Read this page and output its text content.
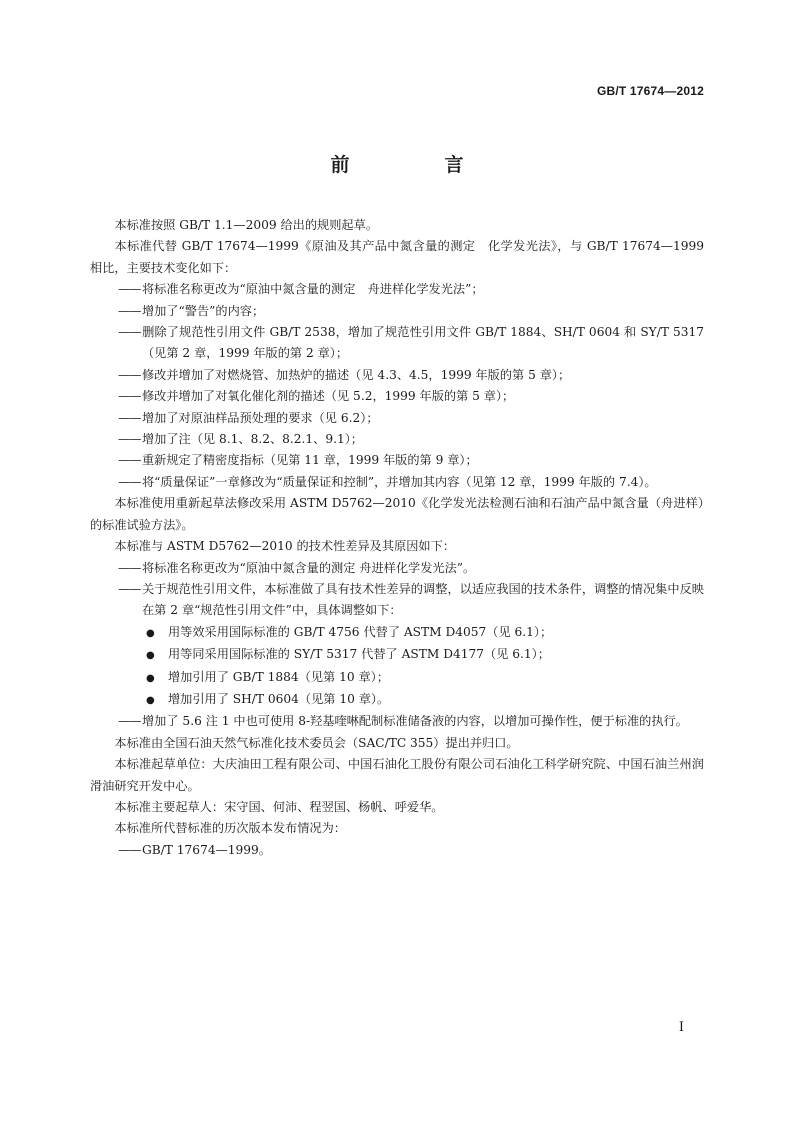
GB/T 17674—2012
前　言
本标准按照 GB/T 1.1—2009 给出的规则起草。
本标准代替 GB/T 17674—1999《原油及其产品中氮含量的测定　化学发光法》，与 GB/T 17674—1999 相比，主要技术变化如下：
—— 将标准名称更改为“原油中氮含量的测定　舟进样化学发光法”；
—— 增加了“警告”的内容；
—— 删除了规范性引用文件 GB/T 2538，增加了规范性引用文件 GB/T 1884、SH/T 0604 和 SY/T 5317（见第 2 章，1999 年版的第 2 章）；
—— 修改并增加了对燃烧管、加热炉的描述（见 4.3、4.5，1999 年版的第 5 章）；
—— 修改并增加了对氧化催化剂的描述（见 5.2，1999 年版的第 5 章）；
—— 增加了对原油样品预处理的要求（见 6.2）；
—— 增加了注（见 8.1、8.2、8.2.1、9.1）；
—— 重新规定了精密度指标（见第 11 章，1999 年版的第 9 章）；
—— 将“质量保证”一章修改为“质量保证和控制”，并增加其内容（见第 12 章，1999 年版的 7.4）。
本标准使用重新起草法修改采用 ASTM D5762—2010《化学发光法检测石油和石油产品中氮含量（舟进样）的标准试验方法》。
本标准与 ASTM D5762—2010 的技术性差异及其原因如下：
—— 将标准名称更改为“原油中氮含量的测定 舟进样化学发光法”。
—— 关于规范性引用文件，本标准做了具有技术性差异的调整，以适应我国的技术条件，调整的情况集中反映在第 2 章“规范性引用文件”中，具体调整如下：
● 用等效采用国际标准的 GB/T 4756 代替了 ASTM D4057（见 6.1）；
● 用等同采用国际标准的 SY/T 5317 代替了 ASTM D4177（见 6.1）；
● 增加引用了 GB/T 1884（见第 10 章）；
● 增加引用了 SH/T 0604（见第 10 章）。
—— 增加了 5.6 注 1 中也可使用 8-羟基喹啉配制标准储备液的内容，以增加可操作性，便于标准的执行。
本标准由全国石油天然气标准化技术委员会（SAC/TC 355）提出并归口。
本标准起草单位：大庆油田工程有限公司、中国石油化工股份有限公司石油化工科学研究院、中国石油兰州润滑油研究开发中心。
本标准主要起草人：宋守国、何沛、程翌国、杨帆、呼爱华。
本标准所代替标准的历次版本发布情况为：
—— GB/T 17674—1999。
I
